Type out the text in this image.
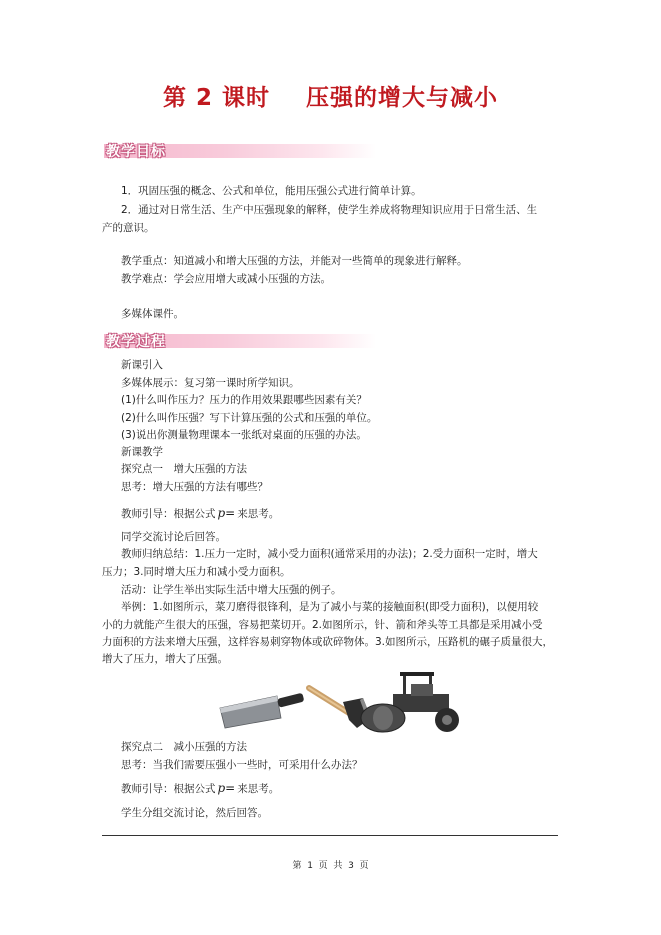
第 2 课时    压强的增大与减小
教学目标
1．巩固压强的概念、公式和单位，能用压强公式进行简单计算。
2．通过对日常生活、生产中压强现象的解释，使学生养成将物理知识应用于日常生活、生
产的意识。
教学重点：知道减小和增大压强的方法，并能对一些简单的现象进行解释。
教学难点：学会应用增大或减小压强的方法。
多媒体课件。
教学过程
新课引入
多媒体展示：复习第一课时所学知识。
(1)什么叫作压力？压力的作用效果跟哪些因素有关？
(2)什么叫作压强？写下计算压强的公式和压强的单位。
(3)说出你测量物理课本一张纸对桌面的压强的办法。
新课教学
探究点一　增大压强的方法
思考：增大压强的方法有哪些？
教师引导：根据公式 p= 来思考。
同学交流讨论后回答。
教师归纳总结：1.压力一定时，减小受力面积(通常采用的办法)；2.受力面积一定时，增大
压力；3.同时增大压力和减小受力面积。
活动：让学生举出实际生活中增大压强的例子。
举例：1.如图所示，菜刀磨得很锋利，是为了减小与菜的接触面积(即受力面积)，以便用较
小的力就能产生很大的压强，容易把菜切开。2.如图所示，针、箭和斧头等工具都是采用减小受
力面积的方法来增大压强，这样容易刺穿物体或砍碎物体。3.如图所示，压路机的碾子质量很大，
增大了压力，增大了压强。
探究点二　减小压强的方法
思考：当我们需要压强小一些时，可采用什么办法？
教师引导：根据公式 p= 来思考。
学生分组交流讨论，然后回答。
第  1  页  共  3  页
